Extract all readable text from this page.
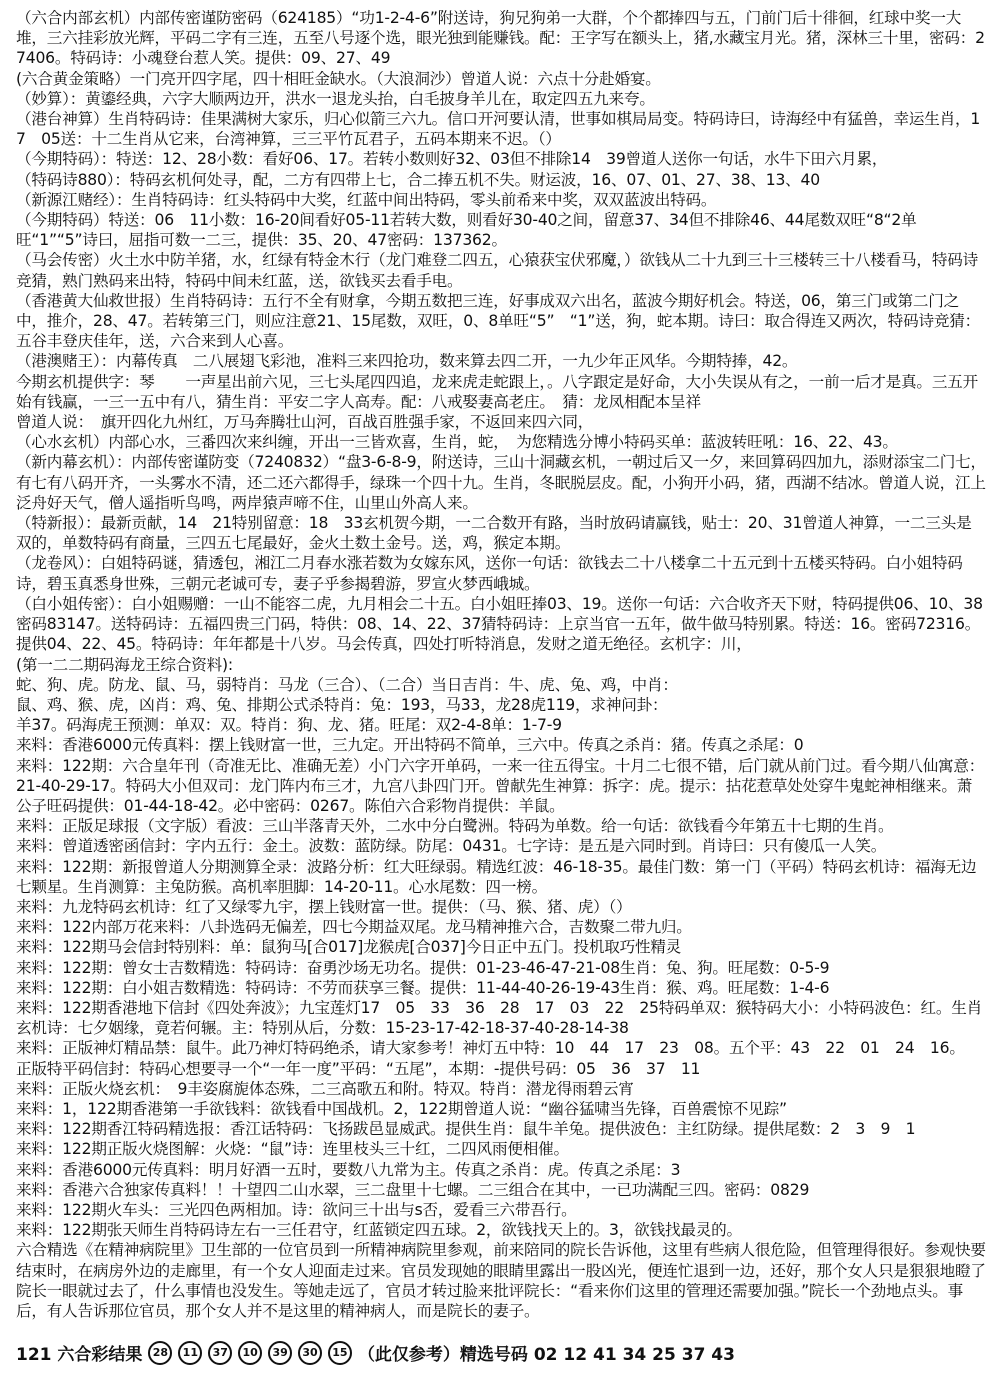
（六合内部玄机）内部传密谨防密码（624185）“功1-2-4-6”附送诗，狗兄狗弟一大群，个个都捧四与五，门前门后十徘徊，红球中奖一大堆，三六挂彩放光辉，平码二字有三连，五至八号逐个选，眼光独到能赚钱。配：王字写在额头上，猪,水藏宝月光。猪，深林三十里，密码：27406。特码诗：小魂登台惹人笑。提供：09、27、49

(六合黄金策略）一门亮开四字尾，四十相旺金缺水。（大浪洞沙）曾道人说：六点十分赴婚宴。

（妙算）：黄鎏经典，六字大顺两边开，洪水一退龙头抬，白毛披身羊儿在，取定四五九来夸。

（港台神算）生肖特码诗：佳果满树大家乐，归心似箭三六九。信口开河要认清，世事如棋局局变。特码诗曰，诗海经中有猛兽，幸运生肖，17　05送：十二生肖从它来，台湾神算，三三平竹瓦君子，五码本期来不迟。（）

（今期特码）：特送：12、28小数：看好06、17。若转小数则好32、03但不排除14　39曾道人送你一句话，水牛下田六月累，

（特码诗880）：特码玄机何处寻，配，二方有四带上七，合二捧五机不失。财运波，16、07、01、27、38、13、40

（新源江赌经）：生肖特码诗：红头特码中大奖，红蓝中间出特码，零头前希来中奖，双双蓝波出特码。

（今期特码）特送：06　11小数：16-20间看好05-11若转大数，则看好30-40之间，留意37、34但不排除46、44尾数双旺“8“2单旺“1”“5”诗曰，屈指可数一二三，提供：35、20、47密码：137362。

（马会传密）火土水中防羊猪，水，红绿有特金木行（龙门难登二四五，心猿获宝伏邪魔，）欲钱从二十九到三十三楼转三十八楼看马，特码诗竞猜，熟门熟码来出特，特码中间未红蓝，送，欲钱买去看手电。

（香港黄大仙救世报）生肖特码诗：五行不全有财拿，今期五数把三连，好事成双六出名，蓝波今期好机会。特送，06，第三门或第二门之中，推介，28、47。若转第三门，则应注意21、15尾数，双旺，0、8单旺“5”　“1”送，狗，蛇本期。诗曰：取合得连又两次，特码诗竞猜：五谷丰登庆佳年，送，六合来到人心喜。

（港澳赌王）：内幕传真　二八展翅飞彩池，准料三来四抢功，数来算去四二开，一九少年正风华。今期特捧，42。

今期玄机提供字：琴　　一声星出前六见，三七头尾四四追，龙来虎走蛇跟上，。八字跟定是好命，大小失误从有之，一前一后才是真。三五开始有钱赢，一三一五中有八，猜生肖：平安二字人高寿。配：八戒娶妻高老庄。　猜：龙凤相配本呈祥

曾道人说：　旗开四化九州红，万马奔腾壮山河，百战百胜强手家，不返回来四六同，

（心水玄机）内部心水，三番四次来纠缠，开出一三皆欢喜，生肖，蛇，　为您精选分博小特码买单：蓝波转旺吼：16、22、43。

（新内幕玄机）：内部传密谨防变（7240832）“盘3-6-8-9，附送诗，三山十洞藏玄机，一朝过后又一夕，来回算码四加九，添财添宝二门七，有七有八码开齐，一头雾水不清，还二还六都得手，绿珠一个四十九。生肖，冬眠脱层皮。配，小狗开小码，猪，西湖不结冰。曾道人说，江上泛舟好天气，僧人遥指听鸟鸣，两岸猿声啼不住，山里山外高人来。

（特新报）：最新贡献，14　21特别留意：18　33玄机贺今期，一二合数开有路，当时放码请赢钱，贴士：20、31曾道人神算，一二三头是双的，单数特码有商量，三四五七尾最好，金火土数土金号。送，鸡，猴定本期。

（龙卷风）：白姐特码谜，猜透包，湘江二月春水涨若数为女嫁东风，送你一句话：欲钱去二十八楼拿二十五元到十五楼买特码。白小姐特码诗，碧玉真悉身世殊，三朝元老诚可专，妻子乎参揭碧游，罗宣火梦西峨城。

（白小姐传密）：白小姐赐赠：一山不能容二虎，九月相会二十五。白小姐旺捧03、19。送你一句话：六合收齐天下财，特码提供06、10、38密码83147。送特码诗：五福四贵三门码，特供：08、14、22、37猜特码诗：上京当官一五年，做牛做马特别累。特送：16。密码72316。提供04、22、45。特码诗：年年都是十八岁。马会传真，四处打听特消息，发财之道无绝径。玄机字：川，

(第一二二期码海龙王综合资料):

蛇、狗、虎。防龙、鼠、马，弱特肖：马龙（三合）、（二合）当日吉肖：牛、虎、兔、鸡，中肖：

鼠、鸡、猴、虎，凶肖：鸡、兔、排期公式杀特肖：兔：193，马33，龙28虎119，求神问卦：

羊37。码海虎王预测：单双：双。特肖：狗、龙、猪。旺尾：双2-4-8单：1-7-9

来料：香港6000元传真料：摆上钱财富一世，三九定。开出特码不简单，三六中。传真之杀肖：猪。传真之杀尾：0

来料：122期：六合皇年刊（奇准无比、准确无差）小门六字开单码，一来一往五得宝。十月二七很不错，后门就从前门过。看今期八仙寓意：21-40-29-17。特码大小但双司：龙门阵内布三才，九宫八卦四门开。曾献先生神算：拆字：虎。提示：拈花惹草处处穿牛鬼蛇神相继来。萧公子旺码提供：01-44-18-42。必中密码：0267。陈伯六合彩物肖提供：羊鼠。

来料：正版足球报（文字版）看波：三山半落青天外，二水中分白鹭洲。特码为单数。给一句话：欲钱看今年第五十七期的生肖。

来料：曾道透密函信封：字内五行：金土。波数：蓝防绿。防尾：0431。七字诗：是五是六同时到。肖诗曰：只有傻瓜一人笑。

来料：122期：新报曾道人分期测算全录：波路分析：红大旺绿弱。精选红波：46-18-35。最佳门数：第一门（平码）特码玄机诗：福海无边七颗星。生肖测算：主兔防猴。高机率胆脚：14-20-11。心水尾数：四一榜。

来料：九龙特码玄机诗：红了又绿零九宇，摆上钱财富一世。提供：（马、猴、猪、虎）（）

来料：122内部万花来料：八卦选码无偏差，四七今期益双尾。龙马精神推六合，吉数聚二带九归。

来料：122期马会信封特别料：单：鼠狗马[合017]龙猴虎[合037]今日正中五门。投机取巧性精灵

来料：122期：曾女士吉数精选：特码诗：奋勇沙场无功名。提供：01-23-46-47-21-08生肖：兔、狗。旺尾数：0-5-9

来料：122期：白小姐吉数精选：特码诗：不劳而获享三餐。提供：11-44-40-26-19-43生肖：猴、鸡。旺尾数：1-4-6

来料：122期香港地下信封《四处奔波》；九宝莲灯17　05　33　36　28　17　03　22　25特码单双：猴特码大小：小特码波色：红。生肖玄机诗：七夕姻缘，竟若何辗。主：特别从后，分数：15-23-17-42-18-37-40-28-14-38

来料：正版神灯精品禁：鼠牛。此乃神灯特码绝杀，请大家参考！神灯五中特：10　44　17　23　08。五个平：43　22　01　24　16。

正版特平码信封：特码心想要寻一个“一年一度”平码：“五尾”，本期：-提供号码：05　36　37　11

来料：正版火烧玄机：　9丰姿腐旎体态殊，二三高歌五和附。特双。特肖：潜龙得雨碧云宵

来料：1，122期香港第一手欲钱料：欲钱看中国战机。2，122期曾道人说：“幽谷猛啸当先锋，百兽震惊不见踪”

来料：122期香江特码精选报：香江话特码：飞扬跋邑显威武。提供生肖：鼠牛羊兔。提供波色：主红防绿。提供尾数：2　3　9　1

来料：122期正版火烧图解：火烧：“鼠”诗：连里枝头三十红，二四风雨便相催。

来料：香港6000元传真料：明月好酒一五时，要数八九常为主。传真之杀肖：虎。传真之杀尾：3

来料：香港六合独家传真料！！十望四二山水翠，三二盘里十七螺。二三组合在其中，一已功满配三四。密码：0829

来料：122期火车头：三光四色两相加。诗：欲问三十出与s否，爱看三六带吾行。

来料：122期张天师生肖特码诗左右一三任君守，红蓝锁定四五球。2，欲钱找天上的。3，欲钱找最灵的。

六合精选《在精神病院里》卫生部的一位官员到一所精神病院里参观，前来陪同的院长告诉他，这里有些病人很危险，但管理得很好。参观快要结束时，在病房外边的走廊里，有一个女人迎面走过来。官员发现她的眼睛里露出一股凶光，便连忙退到一边，还好，那个女人只是狠狠地瞪了院长一眼就过去了，什么事情也没发生。等她走远了，官员才转过脸来批评院长：“看来你们这里的管理还需要加强。”院长一个劲地点头。事后，有人告诉那位官员，那个女人并不是这里的精神病人，而是院长的妻子。

121 六合彩结果 28 11 37 10 39 30 15 （此仅参考）精选号码 02 12 41 34 25 37 43
